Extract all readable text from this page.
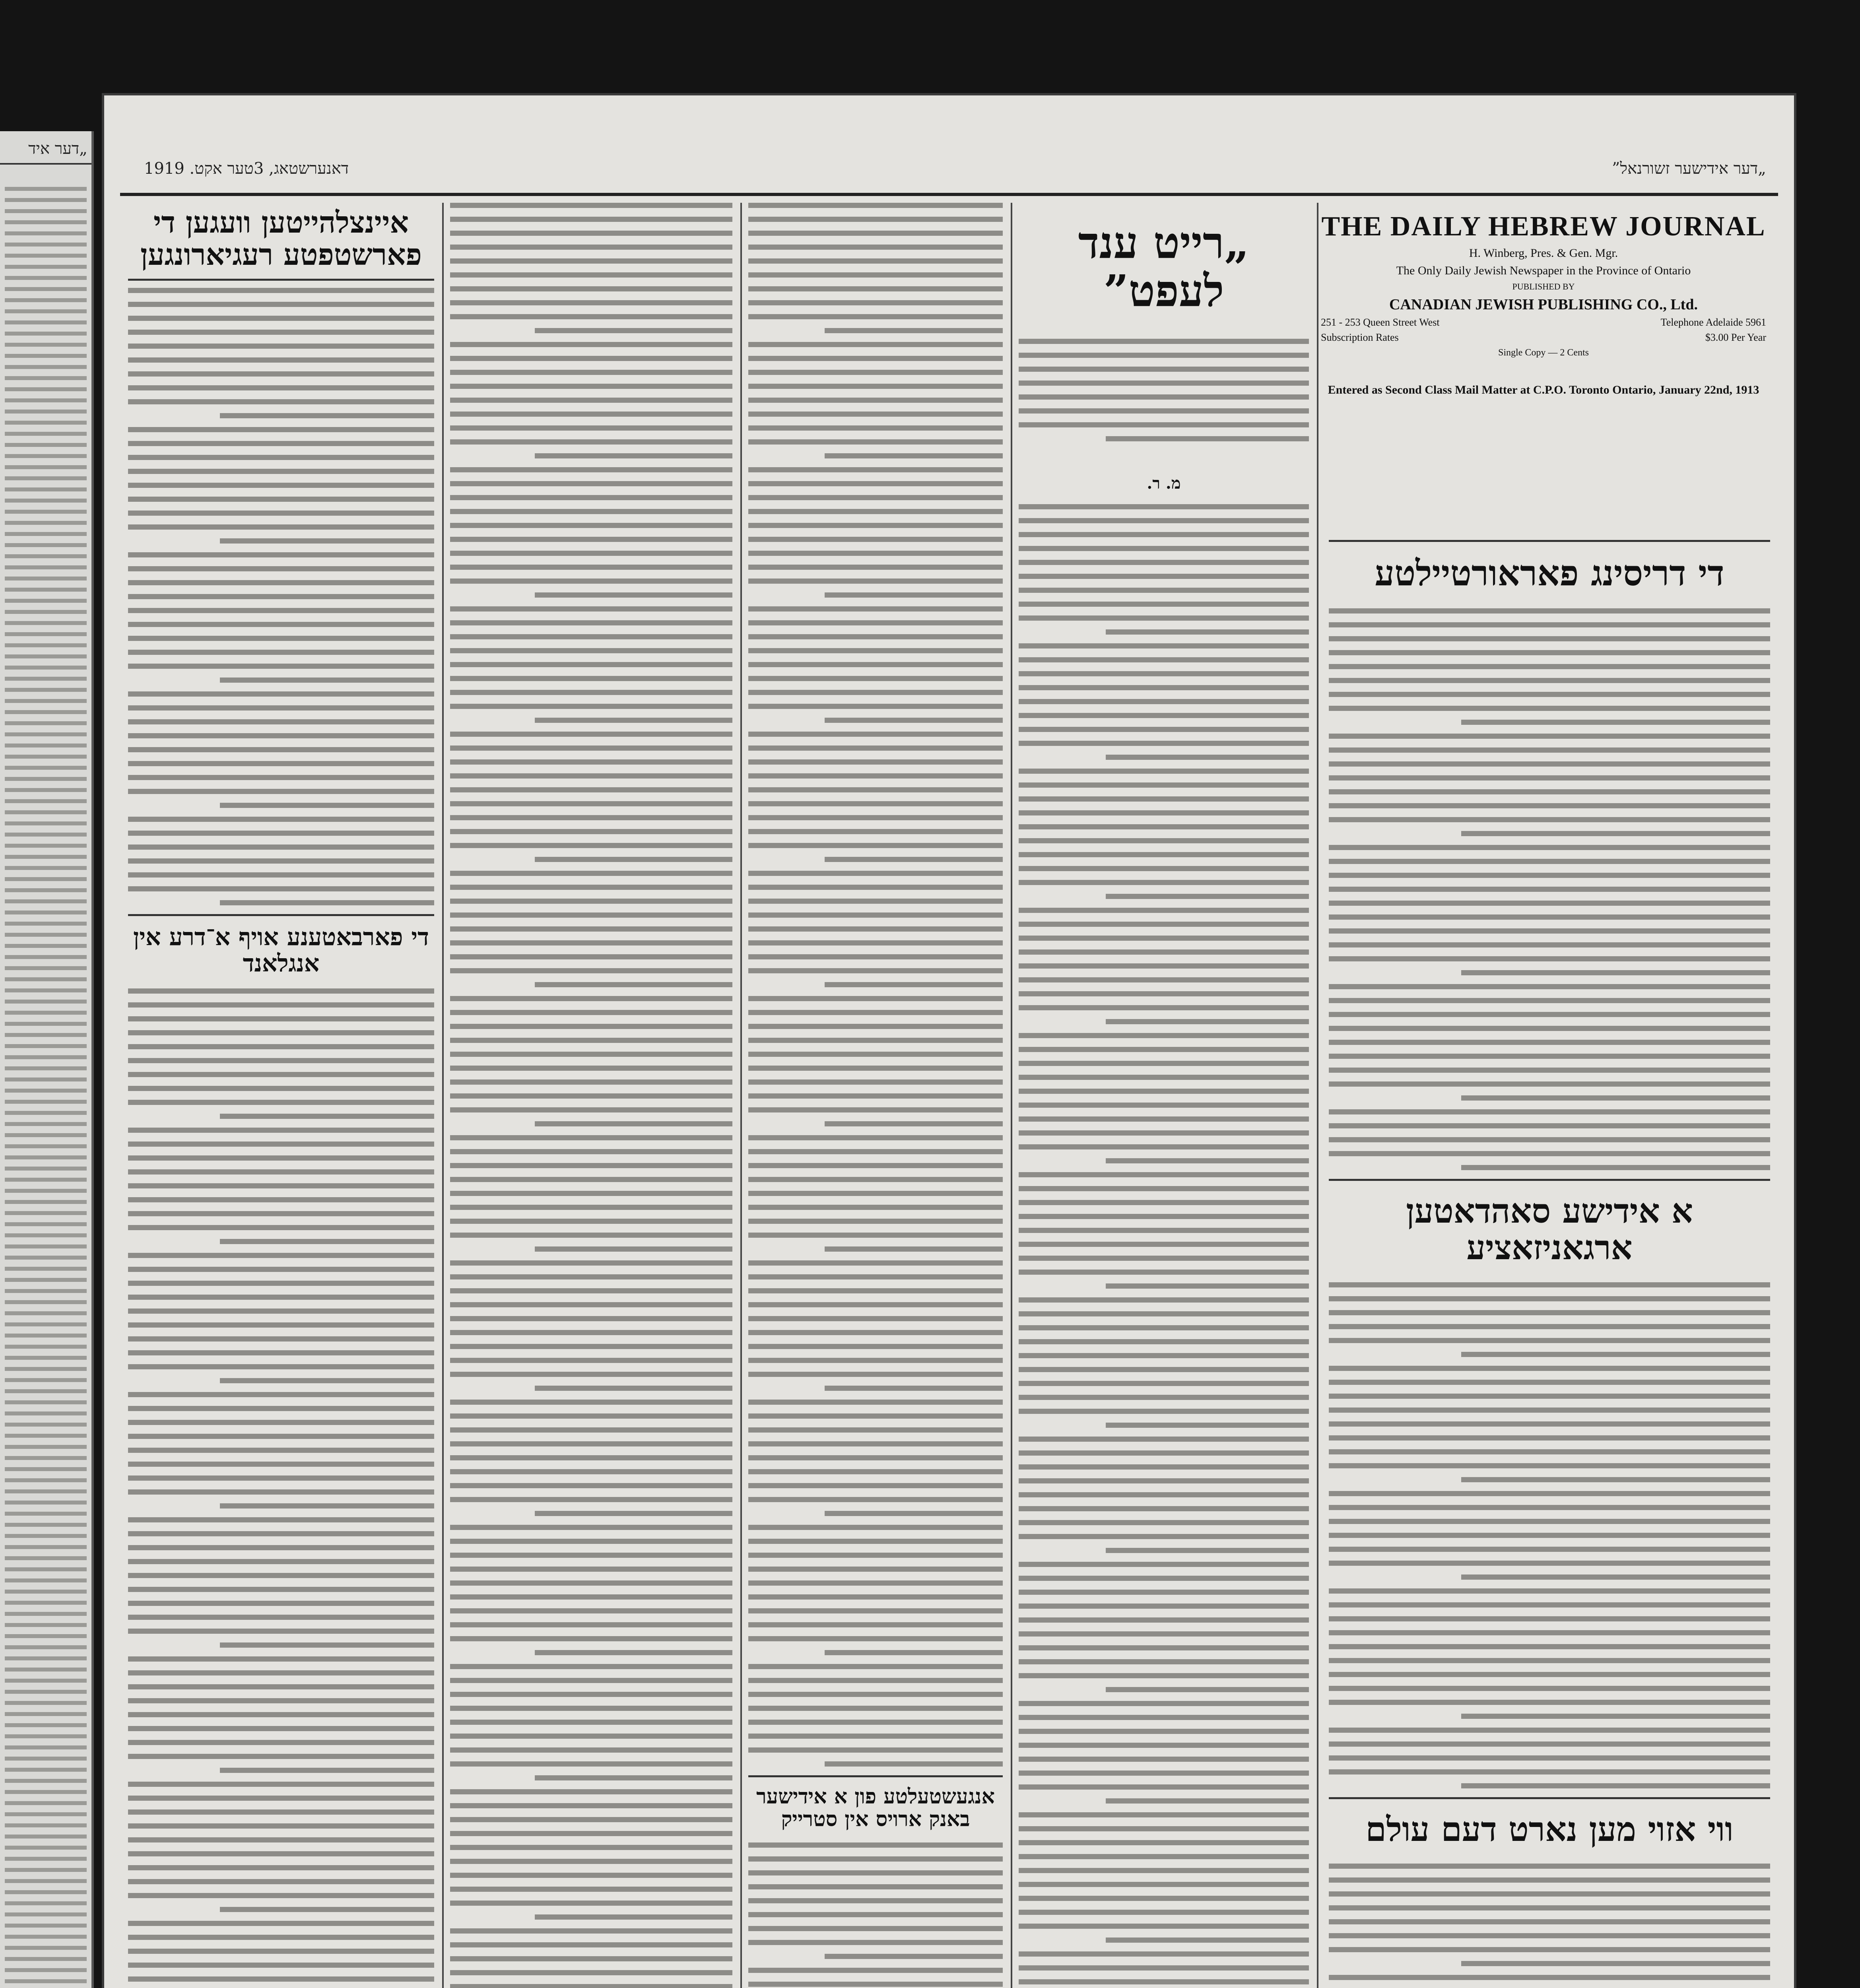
„דער איד
דאנערשטאג, 3טער אקט. 1919	„דער אידישער זשורנאל”
THE DAILY HEBREW JOURNAL
H. Winberg, Pres. & Gen. Mgr.
The Only Daily Jewish Newspaper in the Province of Ontario
PUBLISHED BY
CANADIAN JEWISH PUBLISHING CO., Ltd.
251 - 253 Queen Street West	Telephone Adelaide 5961
Subscription Rates	$3.00 Per Year
Single Copy — 2 Cents
Entered as Second Class Mail Matter at C.P.O. Toronto Ontario, January 22nd, 1913
די דריסינג פאראורטיילטע
א אידישע סאהדאטען ארגאניזאציע
ווי אזוי מען נארט דעם עולם
„רייט ענד לעפט”
מ. ר.
אנגעשטעלטע פון א אידישער באנק ארויס אין סטרייק
איינצלהייטען וועגען די פארשטפטע רעגיארונגען
די פארבאטענע אויף א־דרע אין אנגלאנד
